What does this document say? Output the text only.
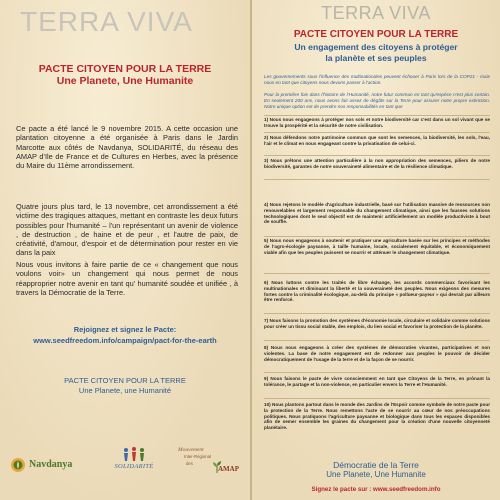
TERRA VIVA
PACTE CITOYEN POUR LA TERRE
Une Planete, Une Humanite

Ce pacte a été lancé le 9 novembre 2015. A cette occasion une plantation citoyenne a été organisée à Paris dans le Jardin Marcotte aux côtés de Navdanya, SOLIDARITÉ, du réseau des AMAP d'Ile de France et de Cultures en Herbes, avec la présence du Maire du 11ème arrondissement.

Quatre jours plus tard, le 13 novembre, cet arrondissement a été victime des tragiques attaques, mettant en contraste les deux futurs possibles pour l'humanité – l'un représentant un avenir de violence , de destruction , de haine et de peur , et l'autre de paix, de créativité, d'amour, d'espoir et de détermination pour rester en vie dans la paix

Nous vous invitons à faire partie de ce « changement que nous voulons voir» un changement qui nous permet de nous réapproprier notre avenir en tant qu' humanité soudée et unifiée , à travers la Démocratie de la Terre.

Rejoignez et signez le Pacte:
www.seedfreedom.info/campaign/pact-for-the-earth
PACTE CITOYEN POUR LA TERRE
Une Planete, une Humanité
Navdanya	SOLIDARITÉ
Mouvement
Inter-Régional
des
AMAP
TERRA VIVA
PACTE CITOYEN POUR LA TERRE
Un engagement des citoyens à protéger
la planète et ses peuples

Les gouvernements sous l'influence des multinationales peuvent échouer à Paris lors de la COP21 - mais nous en tant que citoyens nous devons passer à l'action.

Pour la première fois dans l'histoire de l'Humanité, notre futur commun en tant qu'espèce n'est plus certain. En seulement 200 ans, nous avons fait assez de dégâts sur la Terre pour assurer notre propre extinction. Notre unique option est de prendre nos responsabilités en tant que

1) Nous nous engageons à protéger nos sols et notre biodiversité car c'est dans un sol vivant que se trouve la prospérité et la sécurité de notre civilisation.

2) Nous défendons notre patrimoine commun que sont les semences, la biodiversité, les sols, l'eau, l'air et le climat en nous engageant contre la privatisation de celui-ci.

3) Nous prêtons une attention particulière à la non appropriation des semences, piliers de notre biodiversité, garantes de notre souveraineté alimentaire et de la résilience climatique.

4) Nous rejetons le modèle d'agriculture industrielle, basé sur l'utilisation massive de ressources non renouvelables et largement responsable du changement climatique, ainsi que les fausses solutions technologiques dont le seul objectif est de maintenir artificiellement un modèle productiviste à bout de souffle.

5) Nous nous engageons à soutenir et pratiquer une agriculture basée sur les principes et méthodes de l'agro-écologie paysanne, à taille humaine, locale, socialement équitable, et économiquement viable afin que les peuples puissent se nourrir et atténuer le changement climatique.

6) Nous luttons contre les traités de libre échange, les accords commerciaux favorisant les multinationales et diminuant la liberté et la souveraineté des peuples. Nous exigeons des mesures fortes contre la criminalité écologique, au-delà du principe « pollueur-payeur » qui devrait par ailleurs être renforcé.

7) Nous faisons la promotion des systèmes d'économie locale, circulaire et solidaire comme solutions pour créer un tissu social stable, des emplois, du lien social et favoriser la protection de la planète.

8) Nous nous engageons à créer des systèmes de démocraties vivantes, participatives et non violentes. La base de notre engagement est de redonner aux peuples le pouvoir de décider démocratiquement de l'usage de la terre et de la façon de se nourrir.

9) Nous faisons le pacte de vivre consciemment en tant que Citoyens de la Terre, en prônant la tolérance, le partage et la non-violence, en particulier envers la Terre et l'Humanité.

10) Nous plantons partout dans le monde des Jardins de l'Espoir comme symbole de notre pacte pour la protection de la Terre. Nous remettons l'acte de se nourrir au cœur de nos préoccupations politiques. Nous pratiquons l'agriculture paysanne et biologique dans tous les espaces disponibles afin de semer ensemble les graines du changement pour la création d'une nouvelle citoyenneté planétaire.

Démocratie de la Terre
Une Planete, Une Humanite
Signez le pacte sur : www.seedfreedom.info
